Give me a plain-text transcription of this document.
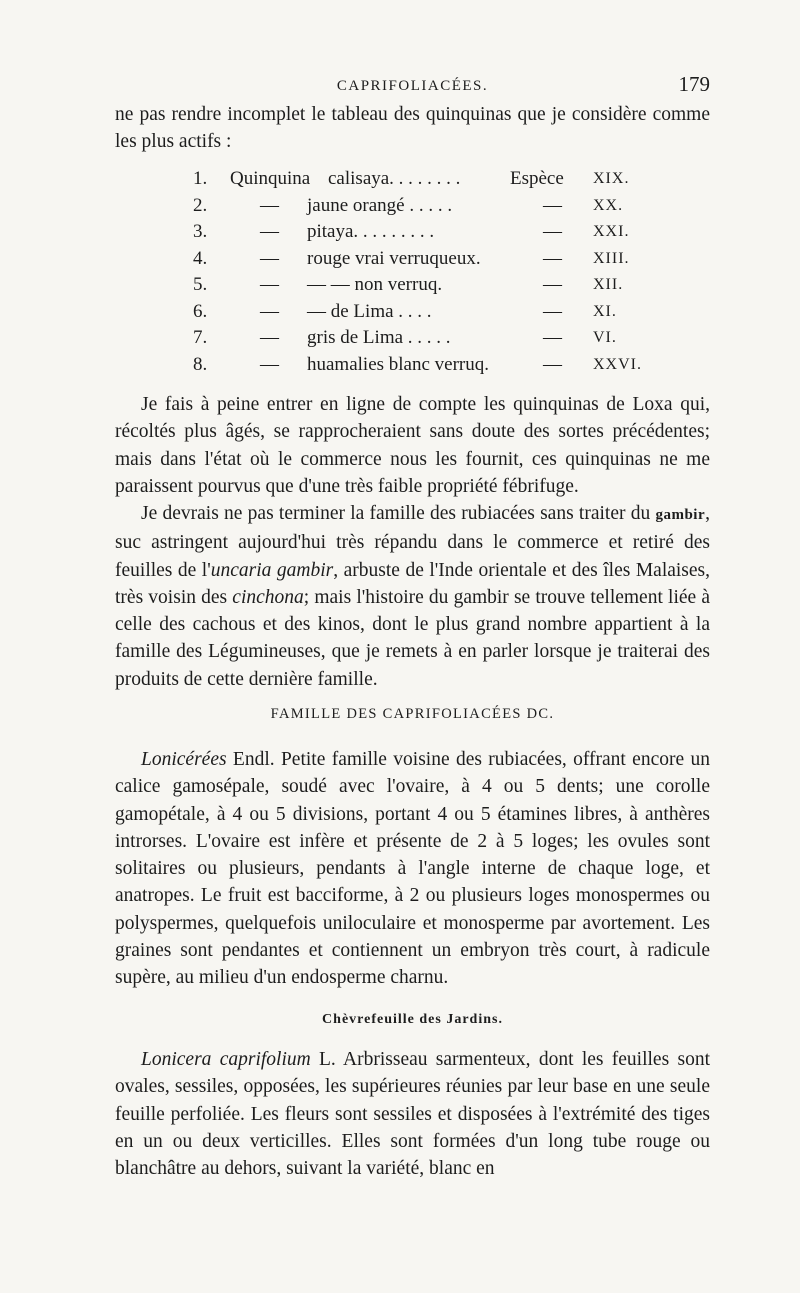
CAPRIFOLIACÉES.	179

ne pas rendre incomplet le tableau des quinquinas que je considère comme les plus actifs :

1. Quinquina calisaya. . . . . . . .	Espèce XIX.
2.	— jaune orangé . . . . .	— XX.
3.	— pitaya. . . . . . . . .	— XXI.
4.	— rouge vrai verruqueux.	— XIII.
5.	— — — non verruq.	— XII.
6.	— — de Lima . . . .	— XI.
7.	— gris de Lima . . . . .	— VI.
8.	— huamalies blanc verruq.	— XXVI.

Je fais à peine entrer en ligne de compte les quinquinas de Loxa qui, récoltés plus âgés, se rapprocheraient sans doute des sortes précédentes; mais dans l'état où le commerce nous les fournit, ces quinquinas ne me paraissent pourvus que d'une très faible propriété fébrifuge.

Je devrais ne pas terminer la famille des rubiacées sans traiter du gambir, suc astringent aujourd'hui très répandu dans le commerce et retiré des feuilles de l'uncaria gambir, arbuste de l'Inde orientale et des îles Malaises, très voisin des cinchona; mais l'histoire du gambir se trouve tellement liée à celle des cachous et des kinos, dont le plus grand nombre appartient à la famille des Légumineuses, que je remets à en parler lorsque je traiterai des produits de cette dernière famille.

FAMILLE DES CAPRIFOLIACÉES DC.

Lonicérées Endl. Petite famille voisine des rubiacées, offrant encore un calice gamosépale, soudé avec l'ovaire, à 4 ou 5 dents; une corolle gamopétale, à 4 ou 5 divisions, portant 4 ou 5 étamines libres, à anthères introrses. L'ovaire est infère et présente de 2 à 5 loges; les ovules sont solitaires ou plusieurs, pendants à l'angle interne de chaque loge, et anatropes. Le fruit est bacciforme, à 2 ou plusieurs loges monospermes ou polyspermes, quelquefois uniloculaire et monosperme par avortement. Les graines sont pendantes et contiennent un embryon très court, à radicule supère, au milieu d'un endosperme charnu.

Chèvrefeuille des Jardins.

Lonicera caprifolium L. Arbrisseau sarmenteux, dont les feuilles sont ovales, sessiles, opposées, les supérieures réunies par leur base en une seule feuille perfoliée. Les fleurs sont sessiles et disposées à l'extrémité des tiges en un ou deux verticilles. Elles sont formées d'un long tube rouge ou blanchâtre au dehors, suivant la variété, blanc en
